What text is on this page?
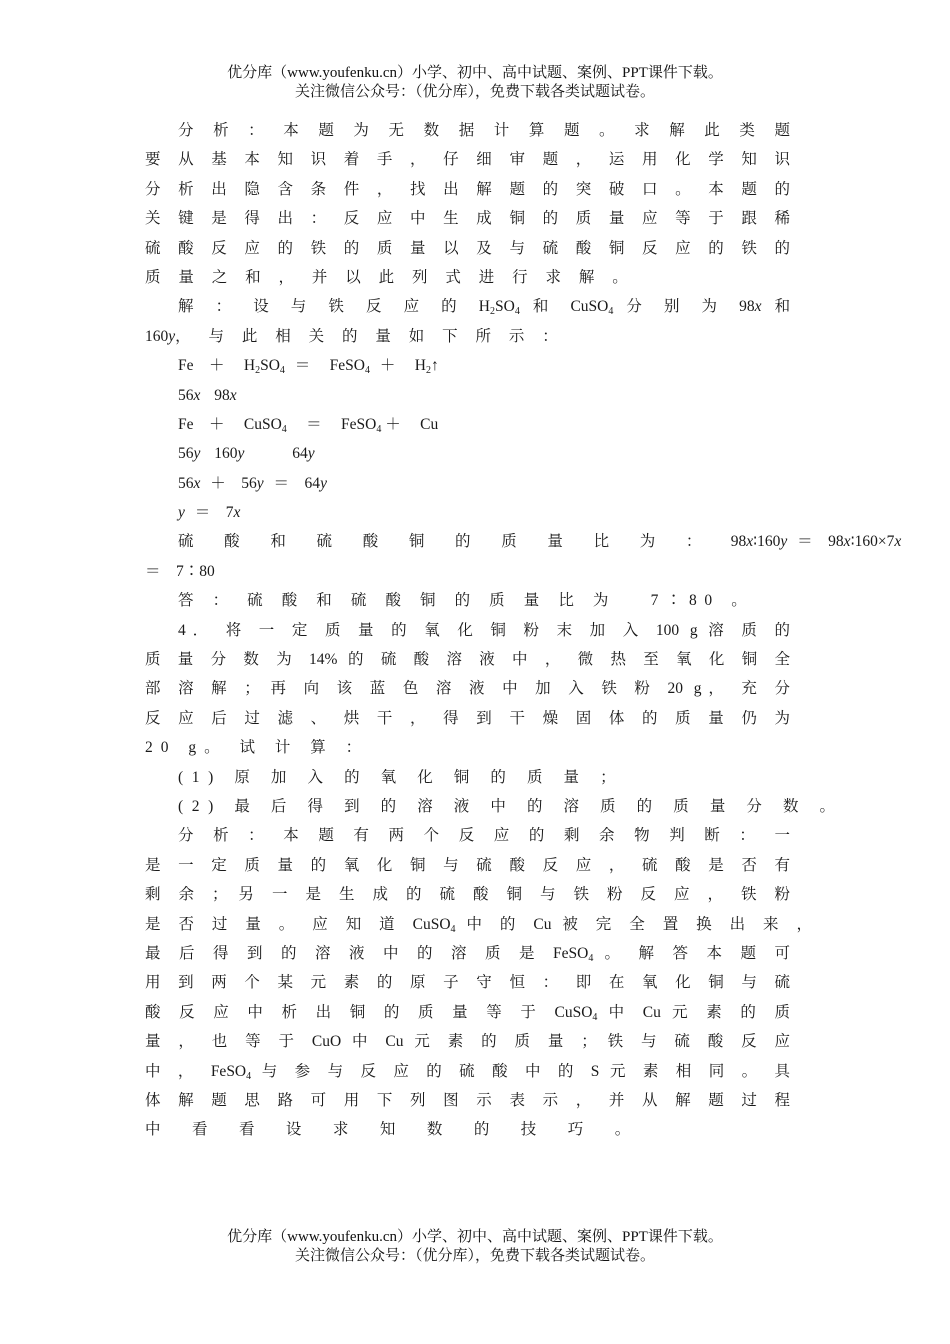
优分库（www.youfenku.cn）小学、初中、高中试题、案例、PPT课件下载。
关注微信公众号：（优分库），免费下载各类试题试卷。
分 析 ： 本 题 为 无 数 据 计 算 题 。 求 解 此 类 题
要 从 基 本 知 识 着 手 ， 仔 细 审 题 ， 运 用 化 学 知 识
分 析 出 隐 含 条 件 ， 找 出 解 题 的 突 破 口 。 本 题 的
关 键 是 得 出 ： 反 应 中 生 成 铜 的 质 量 应 等 于 跟 稀
硫 酸 反 应 的 铁 的 质 量 以 及 与 硫 酸 铜 反 应 的 铁 的
质 量 之 和 ， 并 以 此 列 式 进 行 求 解 。
解 ： 设 与 铁 反 应 的 $H_2SO_4$ 和 CuSO$_4$ 分 别 为 98x 和
160y， 与 此 相 关 的 量 如 下 所 示 ：
Fe　＋　 $H_2SO_4$ ＝　 FeSO$_4$ ＋　 $H_2↑$
56x 98x
Fe　＋　 CuSO$_4$ 　＝　 FeSO$_4$ ＋　 Cu
56y 160y	64y
56x ＋　56y ＝　64y
y ＝　7x
硫 酸 和 硫 酸 铜 的 质 量 比 为 ： 98x∶160y ＝　98x∶160×7x
＝　7∶80
答 ： 硫 酸 和 硫 酸 铜 的 质 量 比 为　 7∶80 。
4． 将 一 定 质 量 的 氧 化 铜 粉 末 加 入 100 g 溶 质 的
质 量 分 数 为 14% 的 硫 酸 溶 液 中 ， 微 热 至 氧 化 铜 全
部 溶 解 ； 再 向 该 蓝 色 溶 液 中 加 入 铁 粉 20 g， 充 分
反 应 后 过 滤 、 烘 干 ， 得 到 干 燥 固 体 的 质 量 仍 为
20 g。 试 计 算 ：
(1) 原 加 入 的 氧 化 铜 的 质 量 ；
(2) 最 后 得 到 的 溶 液 中 的 溶 质 的 质 量 分 数 。
分 析 ： 本 题 有 两 个 反 应 的 剩 余 物 判 断 ： 一
是 一 定 质 量 的 氧 化 铜 与 硫 酸 反 应 ， 硫 酸 是 否 有
剩 余 ； 另 一 是 生 成 的 硫 酸 铜 与 铁 粉 反 应 ， 铁 粉
是 否 过 量 。 应 知 道 CuSO$_4$ 中 的 Cu 被 完 全 置 换 出 来 ，
最 后 得 到 的 溶 液 中 的 溶 质 是 FeSO$_4$ 。 解 答 本 题 可
用 到 两 个 某 元 素 的 原 子 守 恒 ： 即 在 氧 化 铜 与 硫
酸 反 应 中 析 出 铜 的 质 量 等 于 CuSO$_4$ 中 Cu 元 素 的 质
量 ， 也 等 于 CuO 中 Cu 元 素 的 质 量 ； 铁 与 硫 酸 反 应
中 ， FeSO$_4$ 与 参 与 反 应 的 硫 酸 中 的 S 元 素 相 同 。 具
体 解 题 思 路 可 用 下 列 图 示 表 示 ， 并 从 解 题 过 程
中 看 看 设 求 知 数 的 技 巧 。
优分库（www.youfenku.cn）小学、初中、高中试题、案例、PPT课件下载。
关注微信公众号：（优分库），免费下载各类试题试卷。
